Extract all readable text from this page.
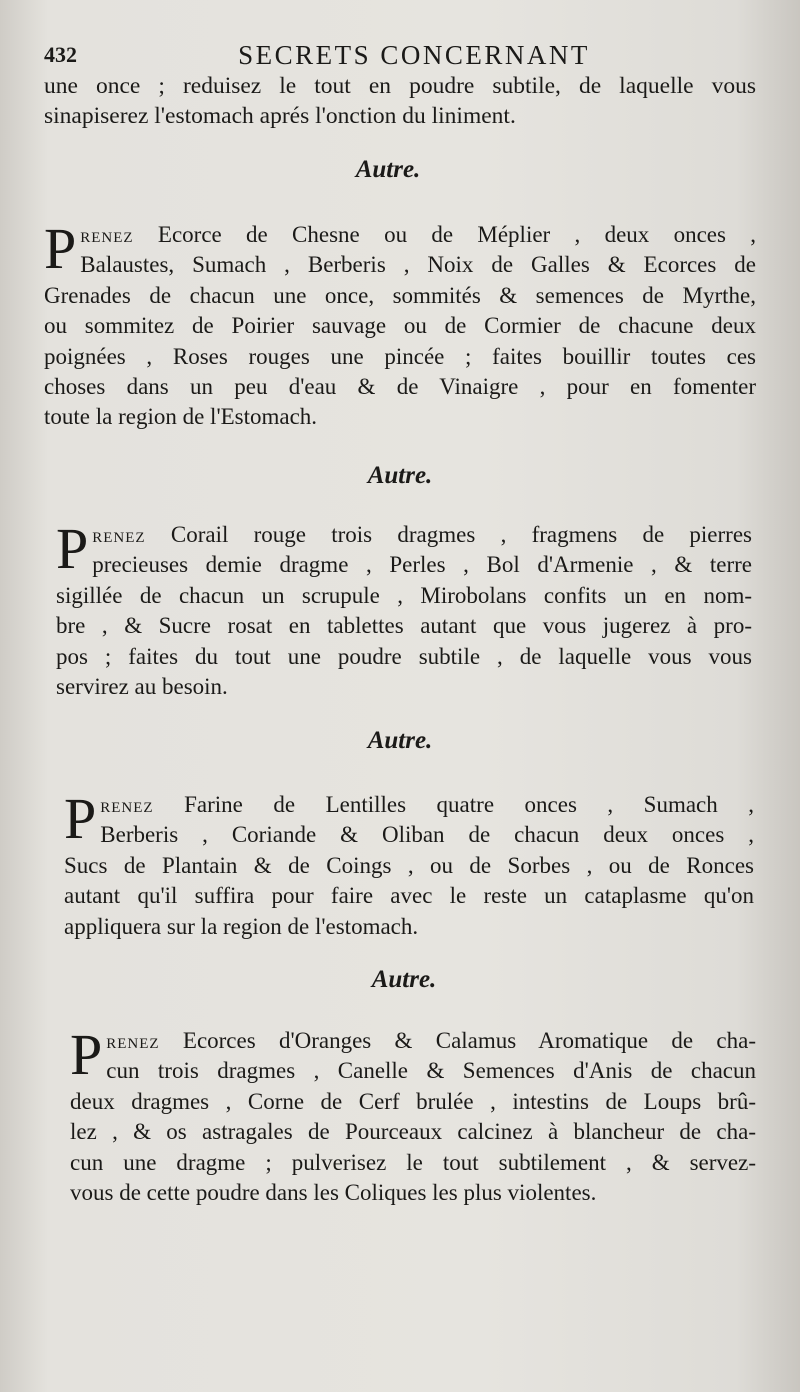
432	SECRETS CONCERNANT
une once ; reduisez le tout en poudre subtile, de laquelle vous
sinapiserez l'estomach aprés l'onction du liniment.
Autre.
P renez Ecorce de Chesne ou de Méplier , deux onces ,
Balaustes, Sumach , Berberis , Noix de Galles & Ecorces de
Grenades de chacun une once, sommités & semences de Myrthe,
ou sommitez de Poirier sauvage ou de Cormier de chacune deux
poignées , Roses rouges une pincée ; faites bouillir toutes ces
choses dans un peu d'eau & de Vinaigre , pour en fomenter
toute la region de l'Estomach.
Autre.
P renez Corail rouge trois dragmes , fragmens de pierres
precieuses demie dragme , Perles , Bol d'Armenie , & terre
sigillée de chacun un scrupule , Mirobolans confits un en nom-
bre , & Sucre rosat en tablettes autant que vous jugerez à pro-
pos ; faites du tout une poudre subtile , de laquelle vous vous
servirez au besoin.
Autre.
P renez Farine de Lentilles quatre onces , Sumach ,
Berberis , Coriande & Oliban de chacun deux onces ,
Sucs de Plantain & de Coings , ou de Sorbes , ou de Ronces
autant qu'il suffira pour faire avec le reste un cataplasme qu'on
appliquera sur la region de l'estomach.
Autre.
P renez Ecorces d'Oranges & Calamus Aromatique de cha-
cun trois dragmes , Canelle & Semences d'Anis de chacun
deux dragmes , Corne de Cerf brulée , intestins de Loups brû-
lez , & os astragales de Pourceaux calcinez à blancheur de cha-
cun une dragme ; pulverisez le tout subtilement , & servez-
vous de cette poudre dans les Coliques les plus violentes.
